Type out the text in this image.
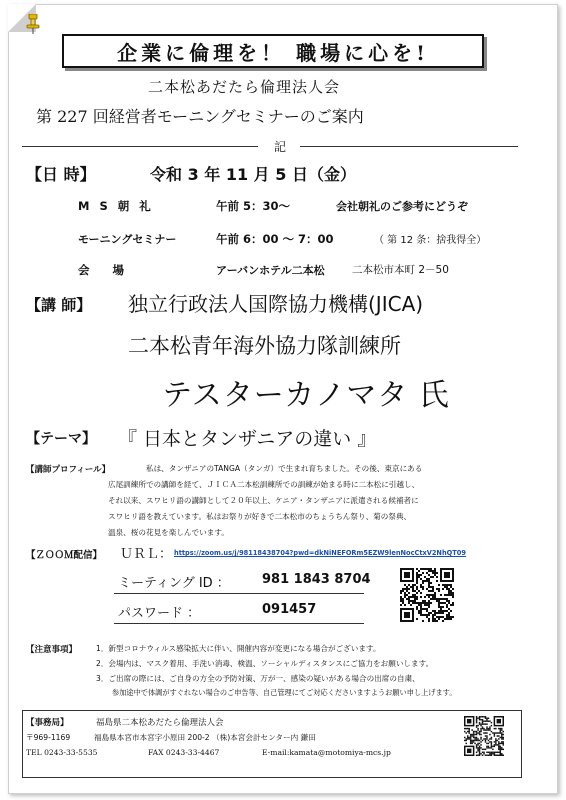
企業に倫理を！ 職場に心を!
二本松あだたら倫理法人会
第 227 回経営者モーニングセミナーのご案内
記
【日 時】	令和 3 年 11 月 5 日（金）
M S 朝 礼	午前 5：30～	会社朝礼のご参考にどうぞ
モーニングセミナー	午前 6：00 ～ 7：00	（ 第 12 条：捨我得全）
会　　場	アーバンホテル二本松	二本松市本町 2－50
【講 師】 独立行政法人国際協力機構(JICA)
二本松青年海外協力隊訓練所
テスターカノマタ 氏
【テーマ】 『 日本とタンザニアの違い 』
【講師プロフィール】	私は、タンザニアのTANGA（タンガ）で生まれ育ちました。その後、東京にある
広尾訓練所での講師を経て、ＪＩＣＡ二本松訓練所での訓練が始まる時に二本松に引越し、
それ以来、スワヒリ語の講師として２０年以上、ケニア・タンザニアに派遣される候補者に
スワヒリ語を教えています。私はお祭りが好きで二本松市のちょうちん祭り、菊の祭典、
温泉、桜の花見を楽しんでいます。
【ＺＯＯＭ配信】 ＵＲＬ： https://zoom.us/j/98118438704?pwd=dkNiNEFORm5EZW9lenNocCtxV2NhQT09
ミーティング ID ： 981 1843 8704
パスワード ：	091457
【注意事項】 1．新型コロナウィルス感染拡大に伴い、開催内容が変更になる場合がございます。
2．会場内は、マスク着用、手洗い消毒、検温、ソーシャルディスタンスにご協力をお願いします。
3．ご出席の際には、ご自身の方全の予防対策、万が一、感染の疑いがある場合の出席の自粛、
参加途中で体調がすぐれない場合のご申告等、自己管理にてご対応くださいますようお願い申し上げます。
【事務局】	福島県二本松あだたら倫理法人会
〒969-1169	福島県本宮市本宮字小原田 200-2 （株)本宮会計センター内 鎌田
TEL 0243-33-5535	FAX 0243-33-4467	E-mail:kamata@motomiya-mcs.jp
